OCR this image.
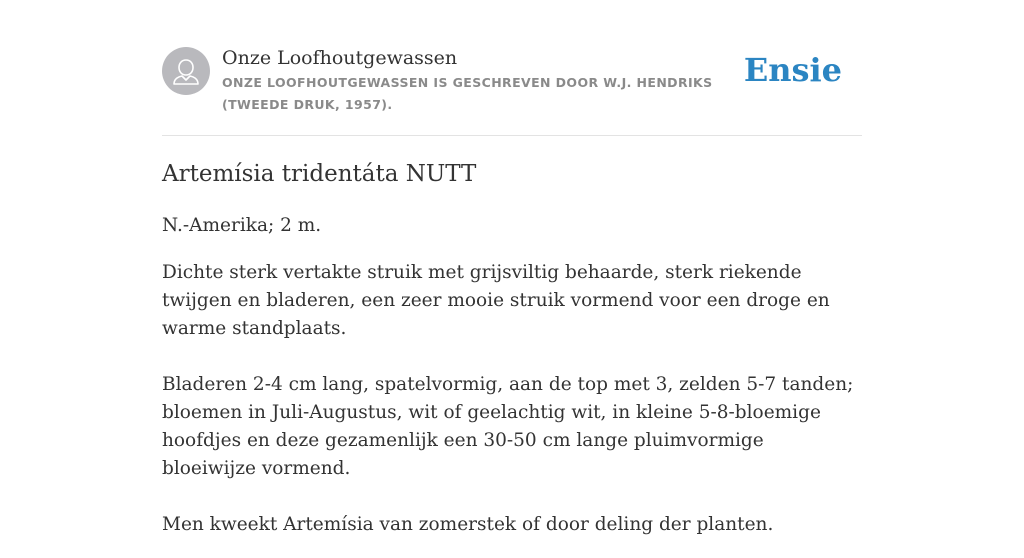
Onze Loofhoutgewassen
ONZE LOOFHOUTGEWASSEN IS GESCHREVEN DOOR W.J. HENDRIKS (TWEEDE DRUK, 1957).
Ensie
Artemísia tridentáta NUTT

N.-Amerika; 2 m.

Dichte sterk vertakte struik met grijsviltig behaarde, sterk riekende twijgen en bladeren, een zeer mooie struik vormend voor een droge en warme standplaats.

Bladeren 2-4 cm lang, spatelvormig, aan de top met 3, zelden 5-7 tanden; bloemen in Juli-Augustus, wit of geelachtig wit, in kleine 5-8-bloemige hoofdjes en deze gezamenlijk een 30-50 cm lange pluimvormige bloeiwijze vormend.

Men kweekt Artemísia van zomerstek of door deling der planten.
